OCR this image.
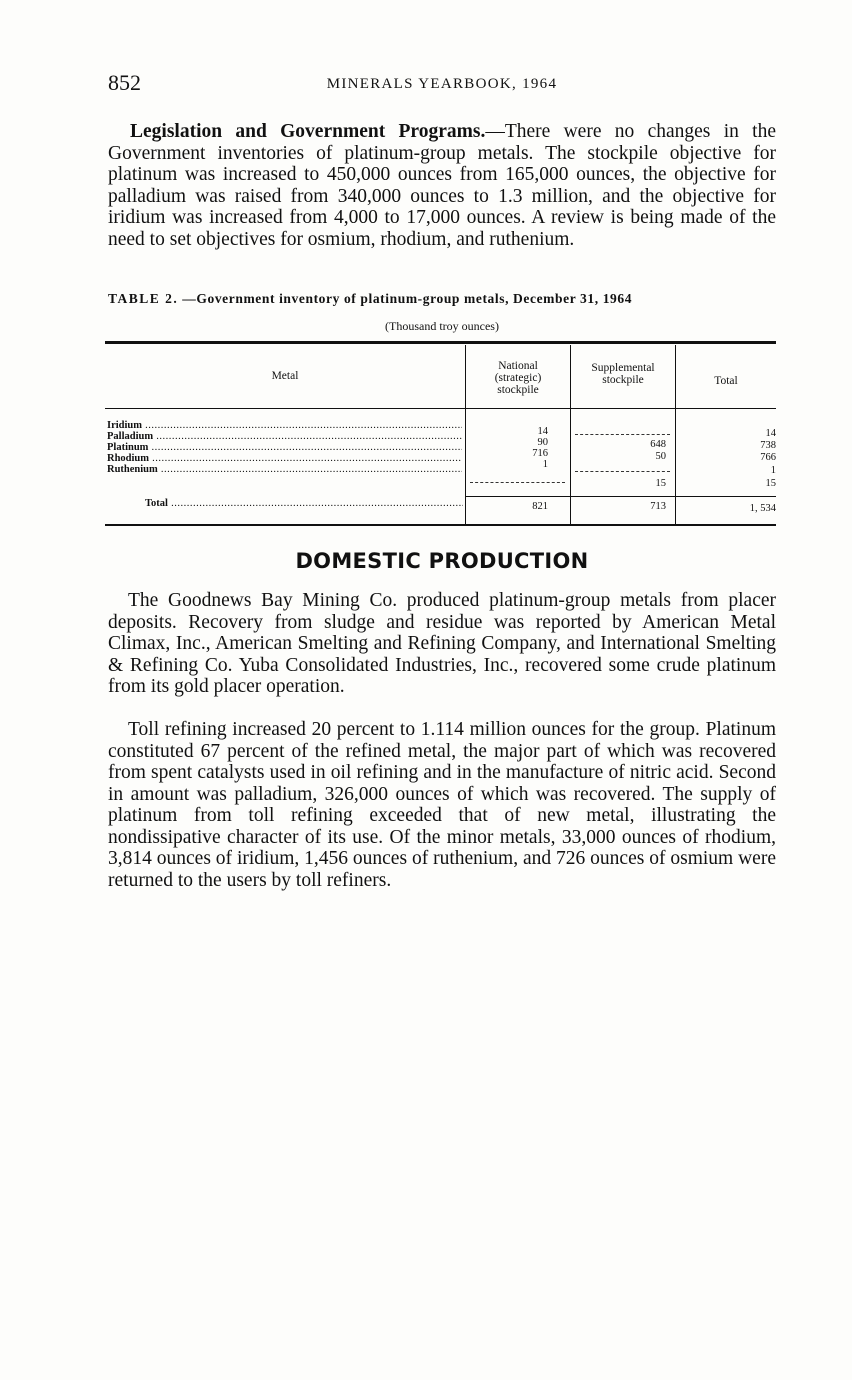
852	MINERALS YEARBOOK, 1964

Legislation and Government Programs.—There were no changes in the Government inventories of platinum-group metals. The stockpile objective for platinum was increased to 450,000 ounces from 165,000 ounces, the objective for palladium was raised from 340,000 ounces to 1.3 million, and the objective for iridium was increased from 4,000 to 17,000 ounces. A review is being made of the need to set objectives for osmium, rhodium, and ruthenium.

TABLE 2. —Government inventory of platinum-group metals, December 31, 1964
(Thousand troy ounces)
Metal
National
(strategic)
stockpile
Supplemental
stockpile	Total
Iridium .....
Palladium .....
Platinum .....
Rhodium .....
Ruthenium .....
Total .....
14
90
716
1
821
648
50
15
713
14
738
766
1
15
1, 534
DOMESTIC PRODUCTION

The Goodnews Bay Mining Co. produced platinum-group metals from placer deposits. Recovery from sludge and residue was reported by American Metal Climax, Inc., American Smelting and Refining Company, and International Smelting & Refining Co. Yuba Consolidated Industries, Inc., recovered some crude platinum from its gold placer operation.

Toll refining increased 20 percent to 1.114 million ounces for the group. Platinum constituted 67 percent of the refined metal, the major part of which was recovered from spent catalysts used in oil refining and in the manufacture of nitric acid. Second in amount was palladium, 326,000 ounces of which was recovered. The supply of platinum from toll refining exceeded that of new metal, illustrating the nondissipative character of its use. Of the minor metals, 33,000 ounces of rhodium, 3,814 ounces of iridium, 1,456 ounces of ruthenium, and 726 ounces of osmium were returned to the users by toll refiners.
